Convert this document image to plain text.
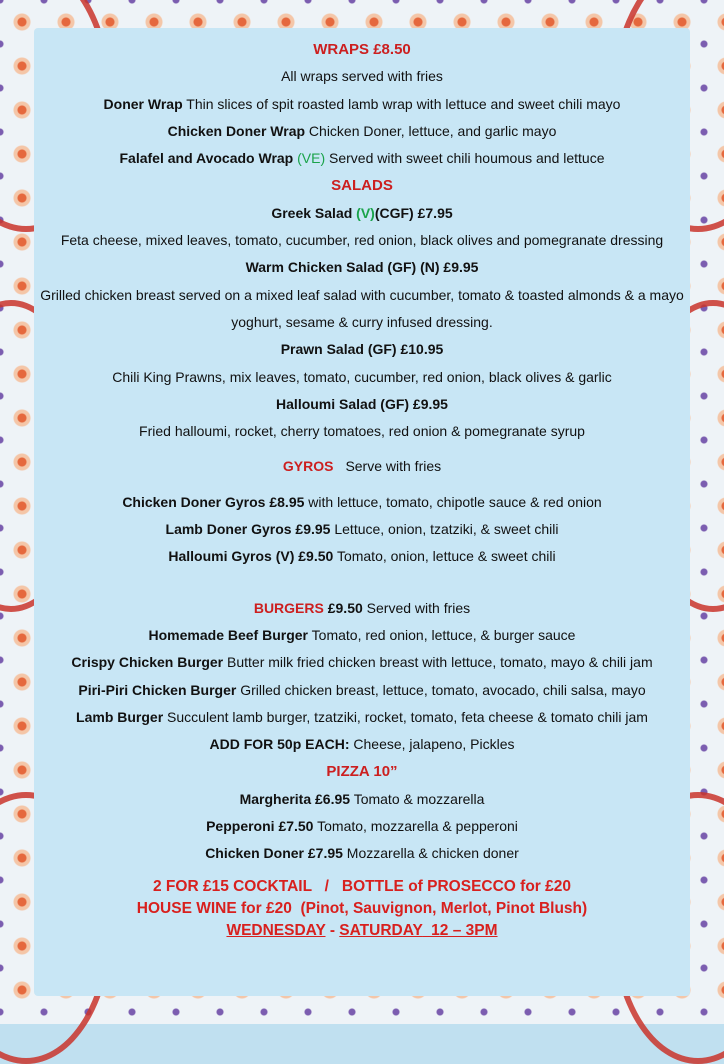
WRAPS £8.50
All wraps served with fries
Doner Wrap Thin slices of spit roasted lamb wrap with lettuce and sweet chili mayo
Chicken Doner Wrap Chicken Doner, lettuce, and garlic mayo
Falafel and Avocado Wrap (VE) Served with sweet chili houmous and lettuce
SALADS
Greek Salad (V)(CGF) £7.95
Feta cheese, mixed leaves, tomato, cucumber, red onion, black olives and pomegranate dressing
Warm Chicken Salad (GF) (N) £9.95
Grilled chicken breast served on a mixed leaf salad with cucumber, tomato & toasted almonds & a mayo yoghurt, sesame & curry infused dressing.
Prawn Salad (GF) £10.95
Chili King Prawns, mix leaves, tomato, cucumber, red onion, black olives & garlic
Halloumi Salad (GF) £9.95
Fried halloumi, rocket, cherry tomatoes, red onion & pomegranate syrup
GYROS Serve with fries
Chicken Doner Gyros £8.95 with lettuce, tomato, chipotle sauce & red onion
Lamb Doner Gyros £9.95 Lettuce, onion, tzatziki, & sweet chili
Halloumi Gyros (V) £9.50 Tomato, onion, lettuce & sweet chili
BURGERS £9.50 Served with fries
Homemade Beef Burger Tomato, red onion, lettuce, & burger sauce
Crispy Chicken Burger Butter milk fried chicken breast with lettuce, tomato, mayo & chili jam
Piri-Piri Chicken Burger Grilled chicken breast, lettuce, tomato, avocado, chili salsa, mayo
Lamb Burger Succulent lamb burger, tzatziki, rocket, tomato, feta cheese & tomato chili jam
ADD FOR 50p EACH: Cheese, jalapeno, Pickles
PIZZA 10”
Margherita £6.95 Tomato & mozzarella
Pepperoni £7.50 Tomato, mozzarella & pepperoni
Chicken Doner £7.95 Mozzarella & chicken doner
2 FOR £15 COCKTAIL   /   BOTTLE of PROSECCO for £20
HOUSE WINE for £20  (Pinot, Sauvignon, Merlot, Pinot Blush)
WEDNESDAY - SATURDAY  12 – 3PM
